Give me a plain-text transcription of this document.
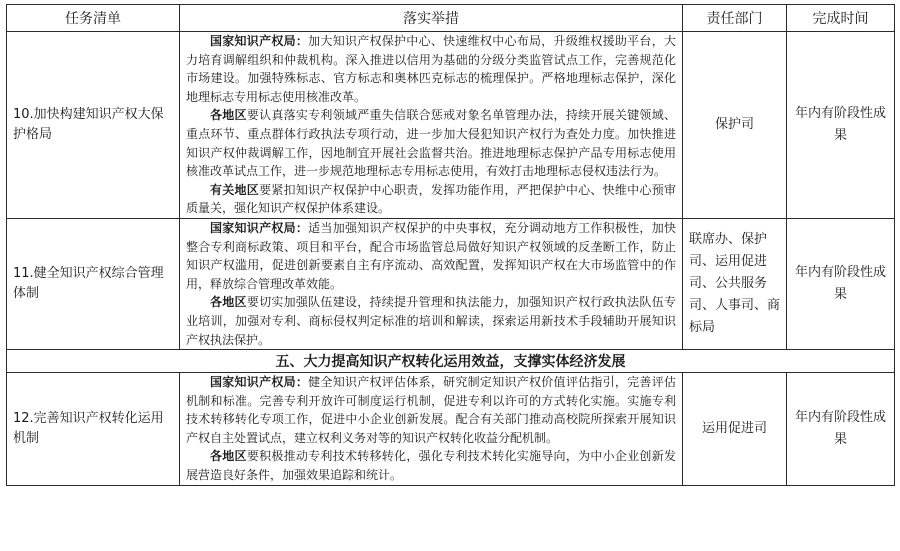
任务清单	落实举措	责任部门	完成时间
10.加快构建知识产权大保护格局	国家知识产权局：加大知识产权保护中心、快速维权中心布局，升级维权援助平台，大力培育调解组织和仲裁机构。深入推进以信用为基础的分级分类监管试点工作，完善规范化市场建设。加强特殊标志、官方标志和奥林匹克标志的梳理保护。严格地理标志保护，深化地理标志专用标志使用核准改革。

各地区要认真落实专利领域严重失信联合惩戒对象名单管理办法，持续开展关键领域、重点环节、重点群体行政执法专项行动，进一步加大侵犯知识产权行为查处力度。加快推进知识产权仲裁调解工作，因地制宜开展社会监督共治。推进地理标志保护产品专用标志使用核准改革试点工作，进一步规范地理标志专用标志使用，有效打击地理标志侵权违法行为。

有关地区要紧扣知识产权保护中心职责，发挥功能作用，严把保护中心、快维中心预审质量关，强化知识产权保护体系建设。	保护司	年内有阶段性成果
11.健全知识产权综合管理体制	国家知识产权局：适当加强知识产权保护的中央事权，充分调动地方工作积极性，加快整合专利商标政策、项目和平台，配合市场监管总局做好知识产权领域的反垄断工作，防止知识产权滥用，促进创新要素自主有序流动、高效配置，发挥知识产权在大市场监管中的作用，释放综合管理改革效能。

各地区要切实加强队伍建设，持续提升管理和执法能力，加强知识产权行政执法队伍专业培训，加强对专利、商标侵权判定标准的培训和解读，探索运用新技术手段辅助开展知识产权执法保护。	联席办、保护司、运用促进司、公共服务司、人事司、商标局	年内有阶段性成果
五、大力提高知识产权转化运用效益，支撑实体经济发展			
12.完善知识产权转化运用机制	国家知识产权局：健全知识产权评估体系，研究制定知识产权价值评估指引，完善评估机制和标准。完善专利开放许可制度运行机制，促进专利以许可的方式转化实施。实施专利技术转移转化专项工作，促进中小企业创新发展。配合有关部门推动高校院所探索开展知识产权自主处置试点，建立权利义务对等的知识产权转化收益分配机制。

各地区要积极推动专利技术转移转化，强化专利技术转化实施导向，为中小企业创新发展营造良好条件，加强效果追踪和统计。	运用促进司	年内有阶段性成果
